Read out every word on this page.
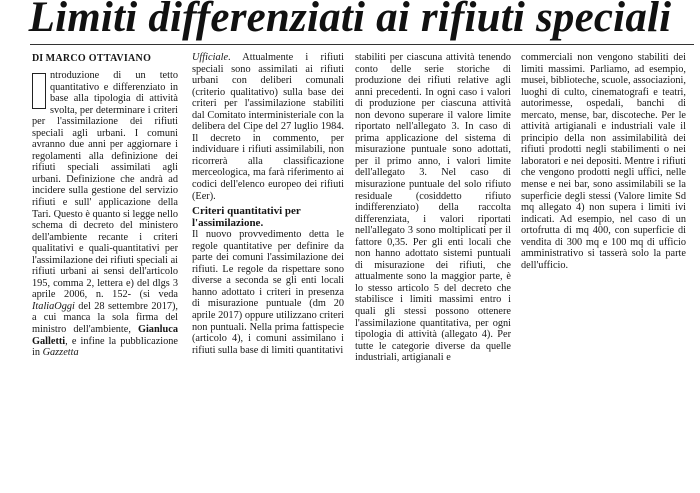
Limiti differenziati ai rifiuti speciali

DI MARCO OTTAVIANO

ntroduzione di un tetto quantitativo e differenziato in base alla tipologia di attività svolta, per determinare i criteri per l'assimilazione dei rifiuti speciali agli urbani. I comuni avranno due anni per aggiornare i regolamenti alla definizione dei rifiuti speciali assimilati agli urbani. Definizione che andrà ad incidere sulla gestione del servizio rifiuti e sull' applicazione della Tari. Questo è quanto si legge nello schema di decreto del ministero dell'ambiente recante i criteri qualitativi e quali-quantitativi per l'assimilazione dei rifiuti speciali ai rifiuti urbani ai sensi dell'articolo 195, comma 2, lettera e) del dlgs 3 aprile 2006, n. 152- (si veda ItaliaOggi del 28 settembre 2017), a cui manca la sola firma del ministro dell'ambiente, Gianluca Galletti, e infine la pubblicazione in Gazzetta

Ufficiale. Attualmente i rifiuti speciali sono assimilati ai rifiuti urbani con deliberi comunali (criterio qualitativo) sulla base dei criteri per l'assimilazione stabiliti dal Comitato interministeriale con la delibera del Cipe del 27 luglio 1984. Il decreto in commento, per individuare i rifiuti assimilabili, non ricorrerà alla classificazione merceologica, ma farà riferimento ai codici dell'elenco europeo dei rifiuti (Eer).

Criteri quantitativi per l'assimilazione.

Il nuovo provvedimento detta le regole quantitative per definire da parte dei comuni l'assimilazione dei rifiuti. Le regole da rispettare sono diverse a seconda se gli enti locali hanno adottato i criteri in presenza di misurazione puntuale (dm 20 aprile 2017) oppure utilizzano criteri non puntuali. Nella prima fattispecie (articolo 4), i comuni assimilano i rifiuti sulla base di limiti quantitativi

stabiliti per ciascuna attività tenendo conto delle serie storiche di produzione dei rifiuti relative agli anni precedenti. In ogni caso i valori di produzione per ciascuna attività non devono superare il valore limite riportato nell'allegato 3. In caso di prima applicazione del sistema di misurazione puntuale sono adottati, per il primo anno, i valori limite dell'allegato 3. Nel caso di misurazione puntuale del solo rifiuto residuale (cosiddetto rifiuto indifferenziato) della raccolta differenziata, i valori riportati nell'allegato 3 sono moltiplicati per il fattore 0,35. Per gli enti locali che non hanno adottato sistemi puntuali di misurazione dei rifiuti, che attualmente sono la maggior parte, è lo stesso articolo 5 del decreto che stabilisce i limiti massimi entro i quali gli stessi possono ottenere l'assimilazione quantitativa, per ogni tipologia di attività (allegato 4). Per tutte le categorie diverse da quelle industriali, artigianali e

commerciali non vengono stabiliti dei limiti massimi. Parliamo, ad esempio, musei, biblioteche, scuole, associazioni, luoghi di culto, cinematografi e teatri, autorimesse, ospedali, banchi di mercato, mense, bar, discoteche. Per le attività artigianali e industriali vale il principio della non assimilabilità dei rifiuti prodotti negli stabilimenti o nei laboratori e nei depositi. Mentre i rifiuti che vengono prodotti negli uffici, nelle mense e nei bar, sono assimilabili se la superficie degli stessi (Valore limite Sd mq allegato 4) non supera i limiti ivi indicati. Ad esempio, nel caso di un ortofrutta di mq 400, con superficie di vendita di 300 mq e 100 mq di ufficio amministrativo si tasserà solo la parte dell'ufficio.
